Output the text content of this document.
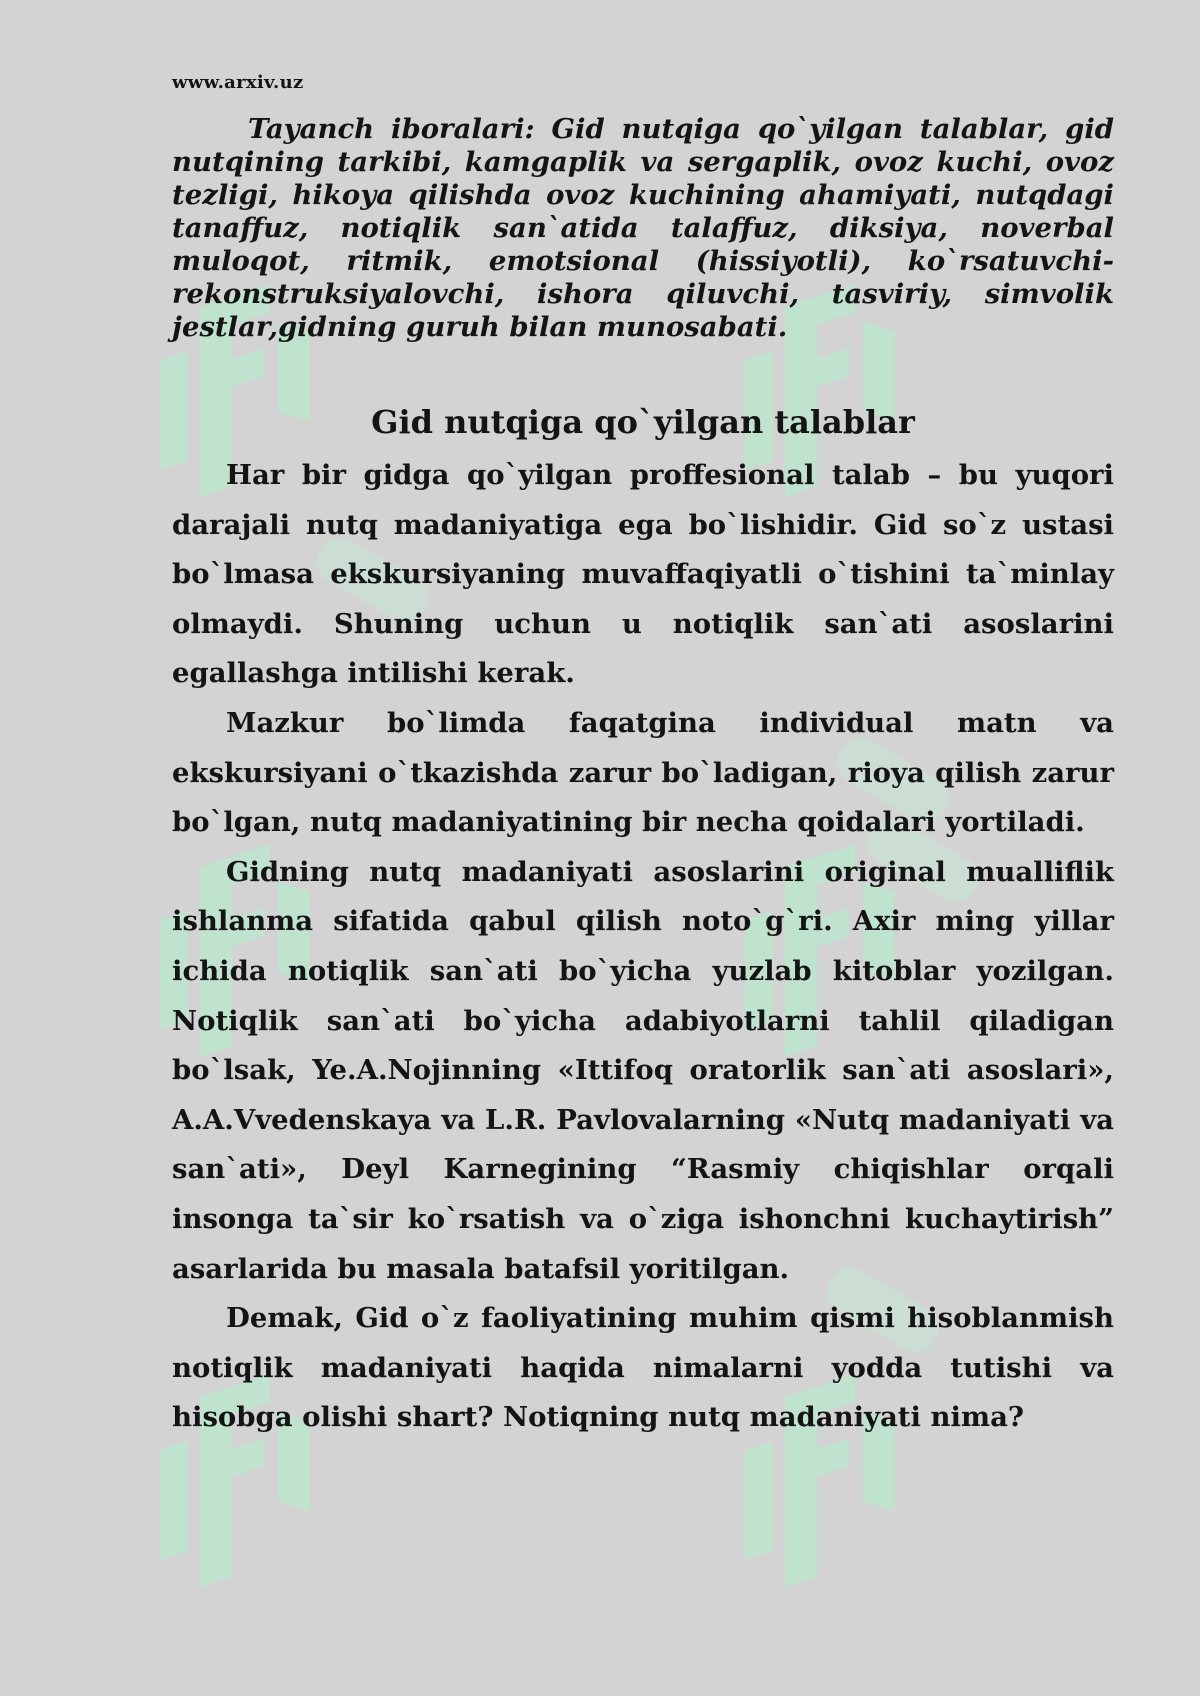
www.arxiv.uz

Tayanch iboralari: Gid nutqiga qo`yilgan talablar, gid nutqining tarkibi, kamgaplik va sergaplik, ovoz kuchi, ovoz tezligi, hikoya qilishda ovoz kuchining ahamiyati, nutqdagi tanaffuz, notiqlik san`atida talaffuz, diksiya, noverbal muloqot, ritmik, emotsional (hissiyotli), ko`rsatuvchi- rekonstruksiyalovchi, ishora qiluvchi, tasviriy, simvolik jestlar,gidning guruh bilan munosabati.

Gid nutqiga qo`yilgan talablar

Har bir gidga qo`yilgan proffesional talab – bu yuqori darajali nutq madaniyatiga ega bo`lishidir. Gid so`z ustasi bo`lmasa ekskursiyaning muvaffaqiyatli o`tishini ta`minlay olmaydi. Shuning uchun u notiqlik san`ati asoslarini egallashga intilishi kerak.

Mazkur bo`limda faqatgina individual matn va ekskursiyani o`tkazishda zarur bo`ladigan, rioya qilish zarur bo`lgan, nutq madaniyatining bir necha qoidalari yortiladi.

Gidning nutq madaniyati asoslarini original mualliflik ishlanma sifatida qabul qilish noto`g`ri. Axir ming yillar ichida notiqlik san`ati bo`yicha yuzlab kitoblar yozilgan. Notiqlik san`ati bo`yicha adabiyotlarni tahlil qiladigan bo`lsak, Ye.A.Nojinning «Ittifoq oratorlik san`ati asoslari», A.A.Vvedenskaya va L.R. Pavlovalarning «Nutq madaniyati va san`ati», Deyl Karnegining “Rasmiy chiqishlar orqali insonga ta`sir ko`rsatish va o`ziga ishonchni kuchaytirish” asarlarida bu masala batafsil yoritilgan.

Demak, Gid o`z faoliyatining muhim qismi hisoblanmish notiqlik madaniyati haqida nimalarni yodda tutishi va hisobga olishi shart? Notiqning nutq madaniyati nima?
